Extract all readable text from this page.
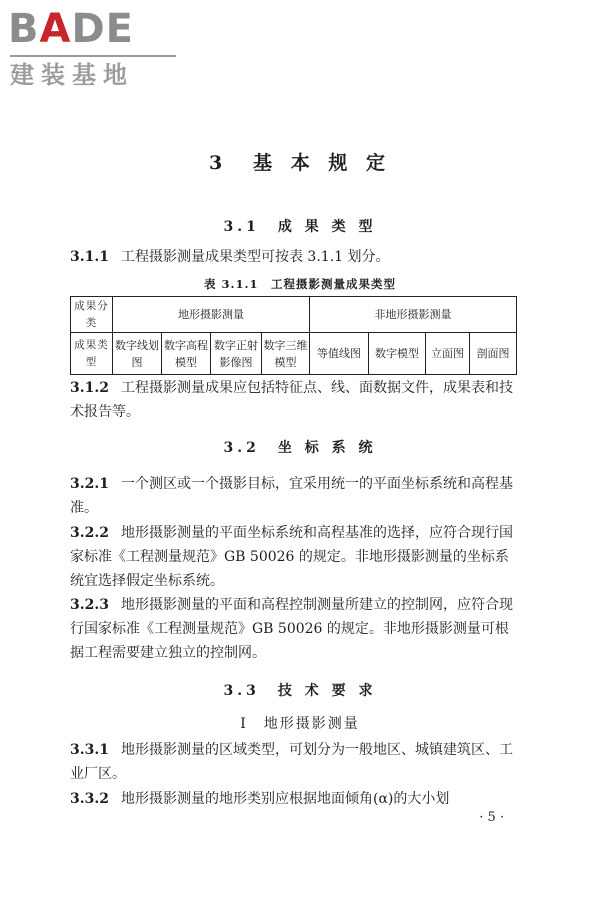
BADE
建装基地
3　基 本 规 定
3.1　成 果 类 型
3.1.1 工程摄影测量成果类型可按表 3.1.1 划分。
表 3.1.1　工程摄影测量成果类型
成果分类	地形摄影测量				非地形摄影测量			
成果类型	数字线划图	数字高程模型	数字正射影像图	数字三维模型	等值线图	数字模型	立面图	剖面图
3.1.2 工程摄影测量成果应包括特征点、线、面数据文件，成果表和技术报告等。
3.2　坐 标 系 统
3.2.1 一个测区或一个摄影目标，宜采用统一的平面坐标系统和高程基准。
3.2.2 地形摄影测量的平面坐标系统和高程基准的选择，应符合现行国家标准《工程测量规范》GB 50026 的规定。非地形摄影测量的坐标系统宜选择假定坐标系统。
3.2.3 地形摄影测量的平面和高程控制测量所建立的控制网，应符合现行国家标准《工程测量规范》GB 50026 的规定。非地形摄影测量可根据工程需要建立独立的控制网。
3.3　技 术 要 求
Ⅰ　地形摄影测量
3.3.1 地形摄影测量的区域类型，可划分为一般地区、城镇建筑区、工业厂区。
3.3.2 地形摄影测量的地形类别应根据地面倾角(α)的大小划
· 5 ·
